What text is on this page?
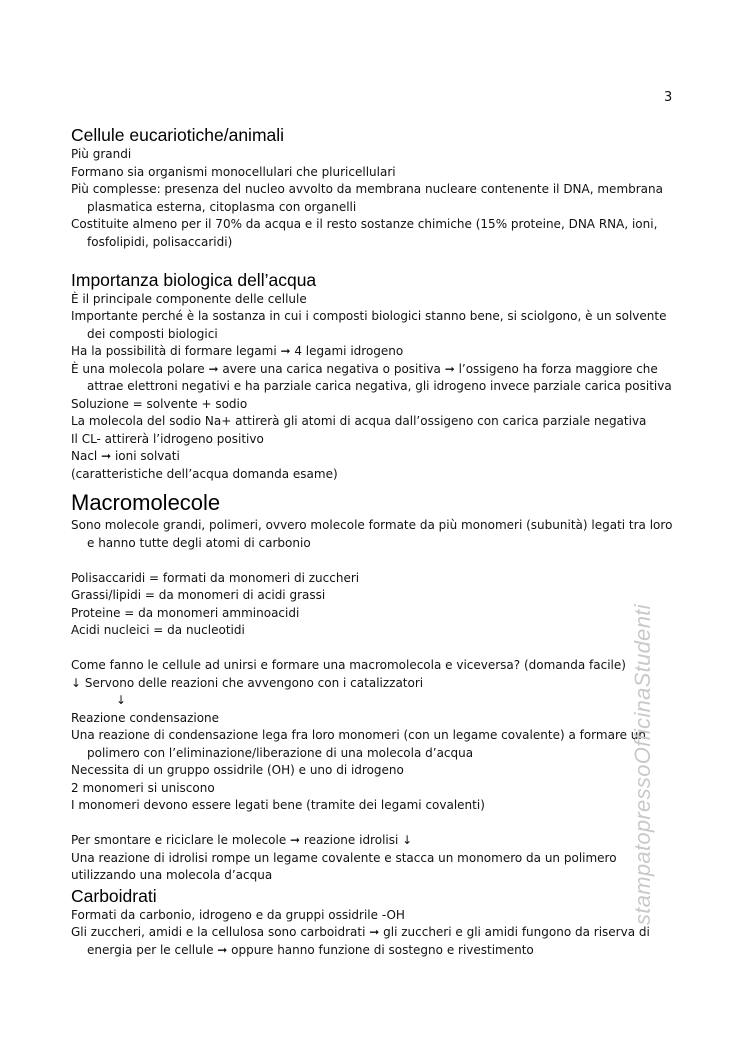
3
Cellule eucariotiche/animali

Più grandi

Formano sia organismi monocellulari che pluricellulari

Più complesse: presenza del nucleo avvolto da membrana nucleare contenente il DNA, membrana plasmatica esterna, citoplasma con organelli

Costituite almeno per il 70% da acqua e il resto sostanze chimiche (15% proteine, DNA RNA, ioni, fosfolipidi, polisaccaridi)

Importanza biologica dell’acqua

È il principale componente delle cellule

Importante perché è la sostanza in cui i composti biologici stanno bene, si sciolgono, è un solvente dei composti biologici

Ha la possibilità di formare legami ➞ 4 legami idrogeno

È una molecola polare ➞ avere una carica negativa o positiva ➞ l’ossigeno ha forza maggiore che attrae elettroni negativi e ha parziale carica negativa, gli idrogeno invece parziale carica positiva

Soluzione = solvente + sodio

La molecola del sodio Na+ attirerà gli atomi di acqua dall’ossigeno con carica parziale negativa

Il CL- attirerà l’idrogeno positivo

Nacl ➞ ioni solvati

(caratteristiche dell’acqua domanda esame)

Macromolecole

Sono molecole grandi, polimeri, ovvero molecole formate da più monomeri (subunità) legati tra loro e hanno tutte degli atomi di carbonio

Polisaccaridi = formati da monomeri di zuccheri

Grassi/lipidi = da monomeri di acidi grassi

Proteine = da monomeri amminoacidi

Acidi nucleici = da nucleotidi

Come fanno le cellule ad unirsi e formare una macromolecola e viceversa? (domanda facile)

↓ Servono delle reazioni che avvengono con i catalizzatori

↓

Reazione condensazione

Una reazione di condensazione lega fra loro monomeri (con un legame covalente) a formare un polimero con l’eliminazione/liberazione di una molecola d’acqua

Necessita di un gruppo ossidrile (OH) e uno di idrogeno

2 monomeri si uniscono

I monomeri devono essere legati bene (tramite dei legami covalenti)

Per smontare e riciclare le molecole ➞ reazione idrolisi ↓

Una reazione di idrolisi rompe un legame covalente e stacca un monomero da un polimero utilizzando una molecola d’acqua

Carboidrati

Formati da carbonio, idrogeno e da gruppi ossidrile -OH

Gli zuccheri, amidi e la cellulosa sono carboidrati ➞ gli zuccheri e gli amidi fungono da riserva di energia per le cellule ➞ oppure hanno funzione di sostegno e rivestimento

stampatopressoOfficinaStudenti
